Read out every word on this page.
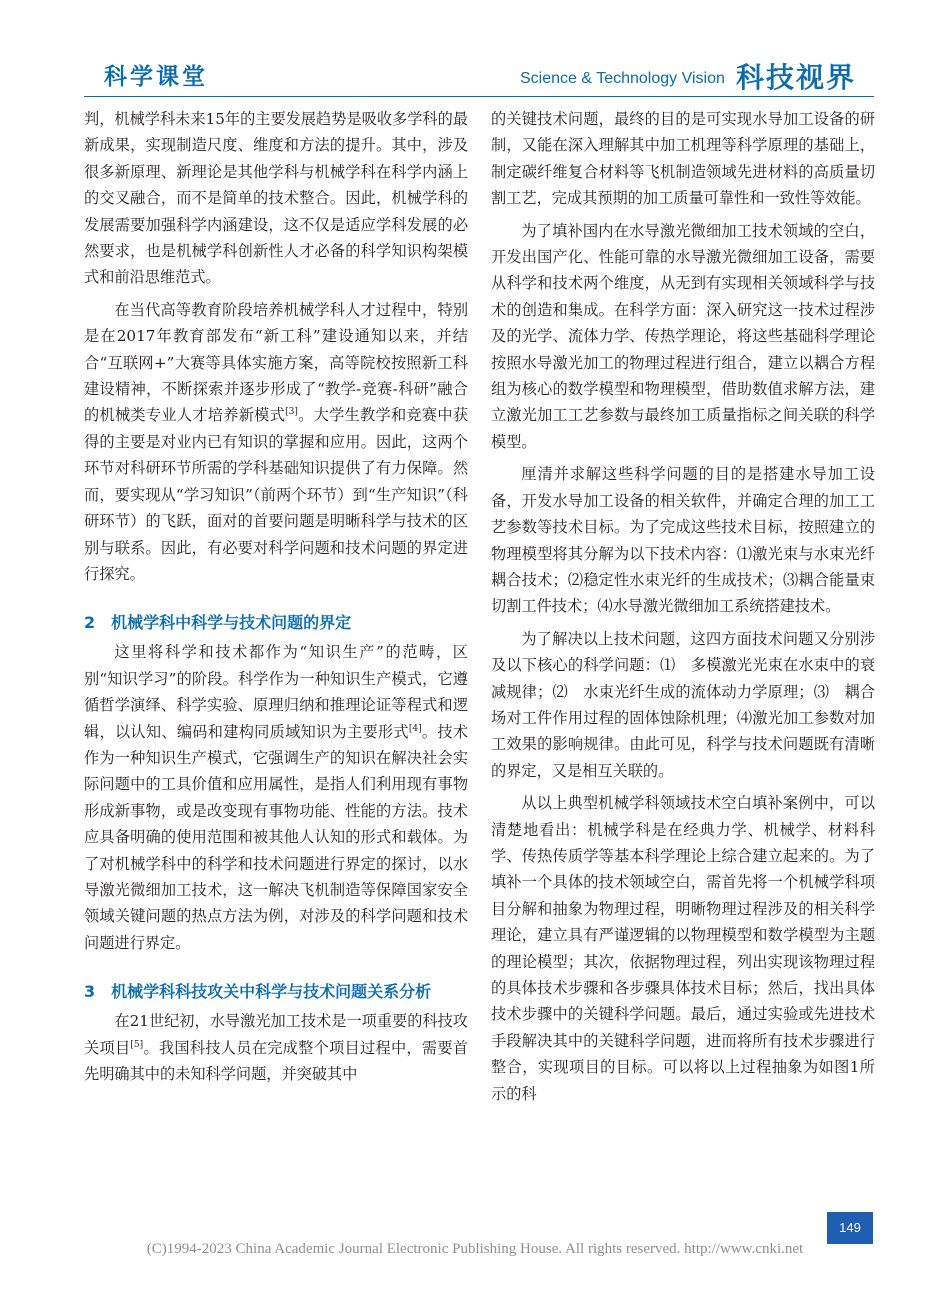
科学课堂	Science & Technology Vision 科技视界

判，机械学科未来15年的主要发展趋势是吸收多学科的最新成果，实现制造尺度、维度和方法的提升。其中，涉及很多新原理、新理论是其他学科与机械学科在科学内涵上的交叉融合，而不是简单的技术整合。因此，机械学科的发展需要加强科学内涵建设，这不仅是适应学科发展的必然要求，也是机械学科创新性人才必备的科学知识构架模式和前沿思维范式。

在当代高等教育阶段培养机械学科人才过程中，特别是在2017年教育部发布“新工科”建设通知以来，并结合“互联网+”大赛等具体实施方案，高等院校按照新工科建设精神，不断探索并逐步形成了“教学-竞赛-科研”融合的机械类专业人才培养新模式[3]。大学生教学和竞赛中获得的主要是对业内已有知识的掌握和应用。因此，这两个环节对科研环节所需的学科基础知识提供了有力保障。然而，要实现从“学习知识”（前两个环节）到“生产知识”（科研环节）的飞跃，面对的首要问题是明晰科学与技术的区别与联系。因此，有必要对科学问题和技术问题的界定进行探究。

2　机械学科中科学与技术问题的界定

这里将科学和技术都作为“知识生产”的范畴，区别“知识学习”的阶段。科学作为一种知识生产模式，它遵循哲学演绎、科学实验、原理归纳和推理论证等程式和逻辑，以认知、编码和建构同质域知识为主要形式[4]。技术作为一种知识生产模式，它强调生产的知识在解决社会实际问题中的工具价值和应用属性，是指人们利用现有事物形成新事物，或是改变现有事物功能、性能的方法。技术应具备明确的使用范围和被其他人认知的形式和载体。为了对机械学科中的科学和技术问题进行界定的探讨，以水导激光微细加工技术，这一解决飞机制造等保障国家安全领域关键问题的热点方法为例，对涉及的科学问题和技术问题进行界定。

3　机械学科科技攻关中科学与技术问题关系分析

在21世纪初，水导激光加工技术是一项重要的科技攻关项目[5]。我国科技人员在完成整个项目过程中，需要首先明确其中的未知科学问题，并突破其中

的关键技术问题，最终的目的是可实现水导加工设备的研制，又能在深入理解其中加工机理等科学原理的基础上，制定碳纤维复合材料等飞机制造领域先进材料的高质量切割工艺，完成其预期的加工质量可靠性和一致性等效能。

为了填补国内在水导激光微细加工技术领域的空白，开发出国产化、性能可靠的水导激光微细加工设备，需要从科学和技术两个维度，从无到有实现相关领域科学与技术的创造和集成。在科学方面：深入研究这一技术过程涉及的光学、流体力学、传热学理论，将这些基础科学理论按照水导激光加工的物理过程进行组合，建立以耦合方程组为核心的数学模型和物理模型，借助数值求解方法，建立激光加工工艺参数与最终加工质量指标之间关联的科学模型。

厘清并求解这些科学问题的目的是搭建水导加工设备，开发水导加工设备的相关软件，并确定合理的加工工艺参数等技术目标。为了完成这些技术目标，按照建立的物理模型将其分解为以下技术内容：⑴激光束与水束光纤耦合技术；⑵稳定性水束光纤的生成技术；⑶耦合能量束切割工件技术；⑷水导激光微细加工系统搭建技术。

为了解决以上技术问题，这四方面技术问题又分别涉及以下核心的科学问题：⑴　多模激光光束在水束中的衰减规律；⑵　水束光纤生成的流体动力学原理；⑶　耦合场对工件作用过程的固体蚀除机理；⑷激光加工参数对加工效果的影响规律。由此可见，科学与技术问题既有清晰的界定，又是相互关联的。

从以上典型机械学科领域技术空白填补案例中，可以清楚地看出：机械学科是在经典力学、机械学、材料科学、传热传质学等基本科学理论上综合建立起来的。为了填补一个具体的技术领域空白，需首先将一个机械学科项目分解和抽象为物理过程，明晰物理过程涉及的相关科学理论，建立具有严谨逻辑的以物理模型和数学模型为主题的理论模型；其次，依据物理过程，列出实现该物理过程的具体技术步骤和各步骤具体技术目标；然后，找出具体技术步骤中的关键科学问题。最后，通过实验或先进技术手段解决其中的关键科学问题，进而将所有技术步骤进行整合，实现项目的目标。可以将以上过程抽象为如图1所示的科

149
(C)1994-2023 China Academic Journal Electronic Publishing House. All rights reserved. http://www.cnki.net
